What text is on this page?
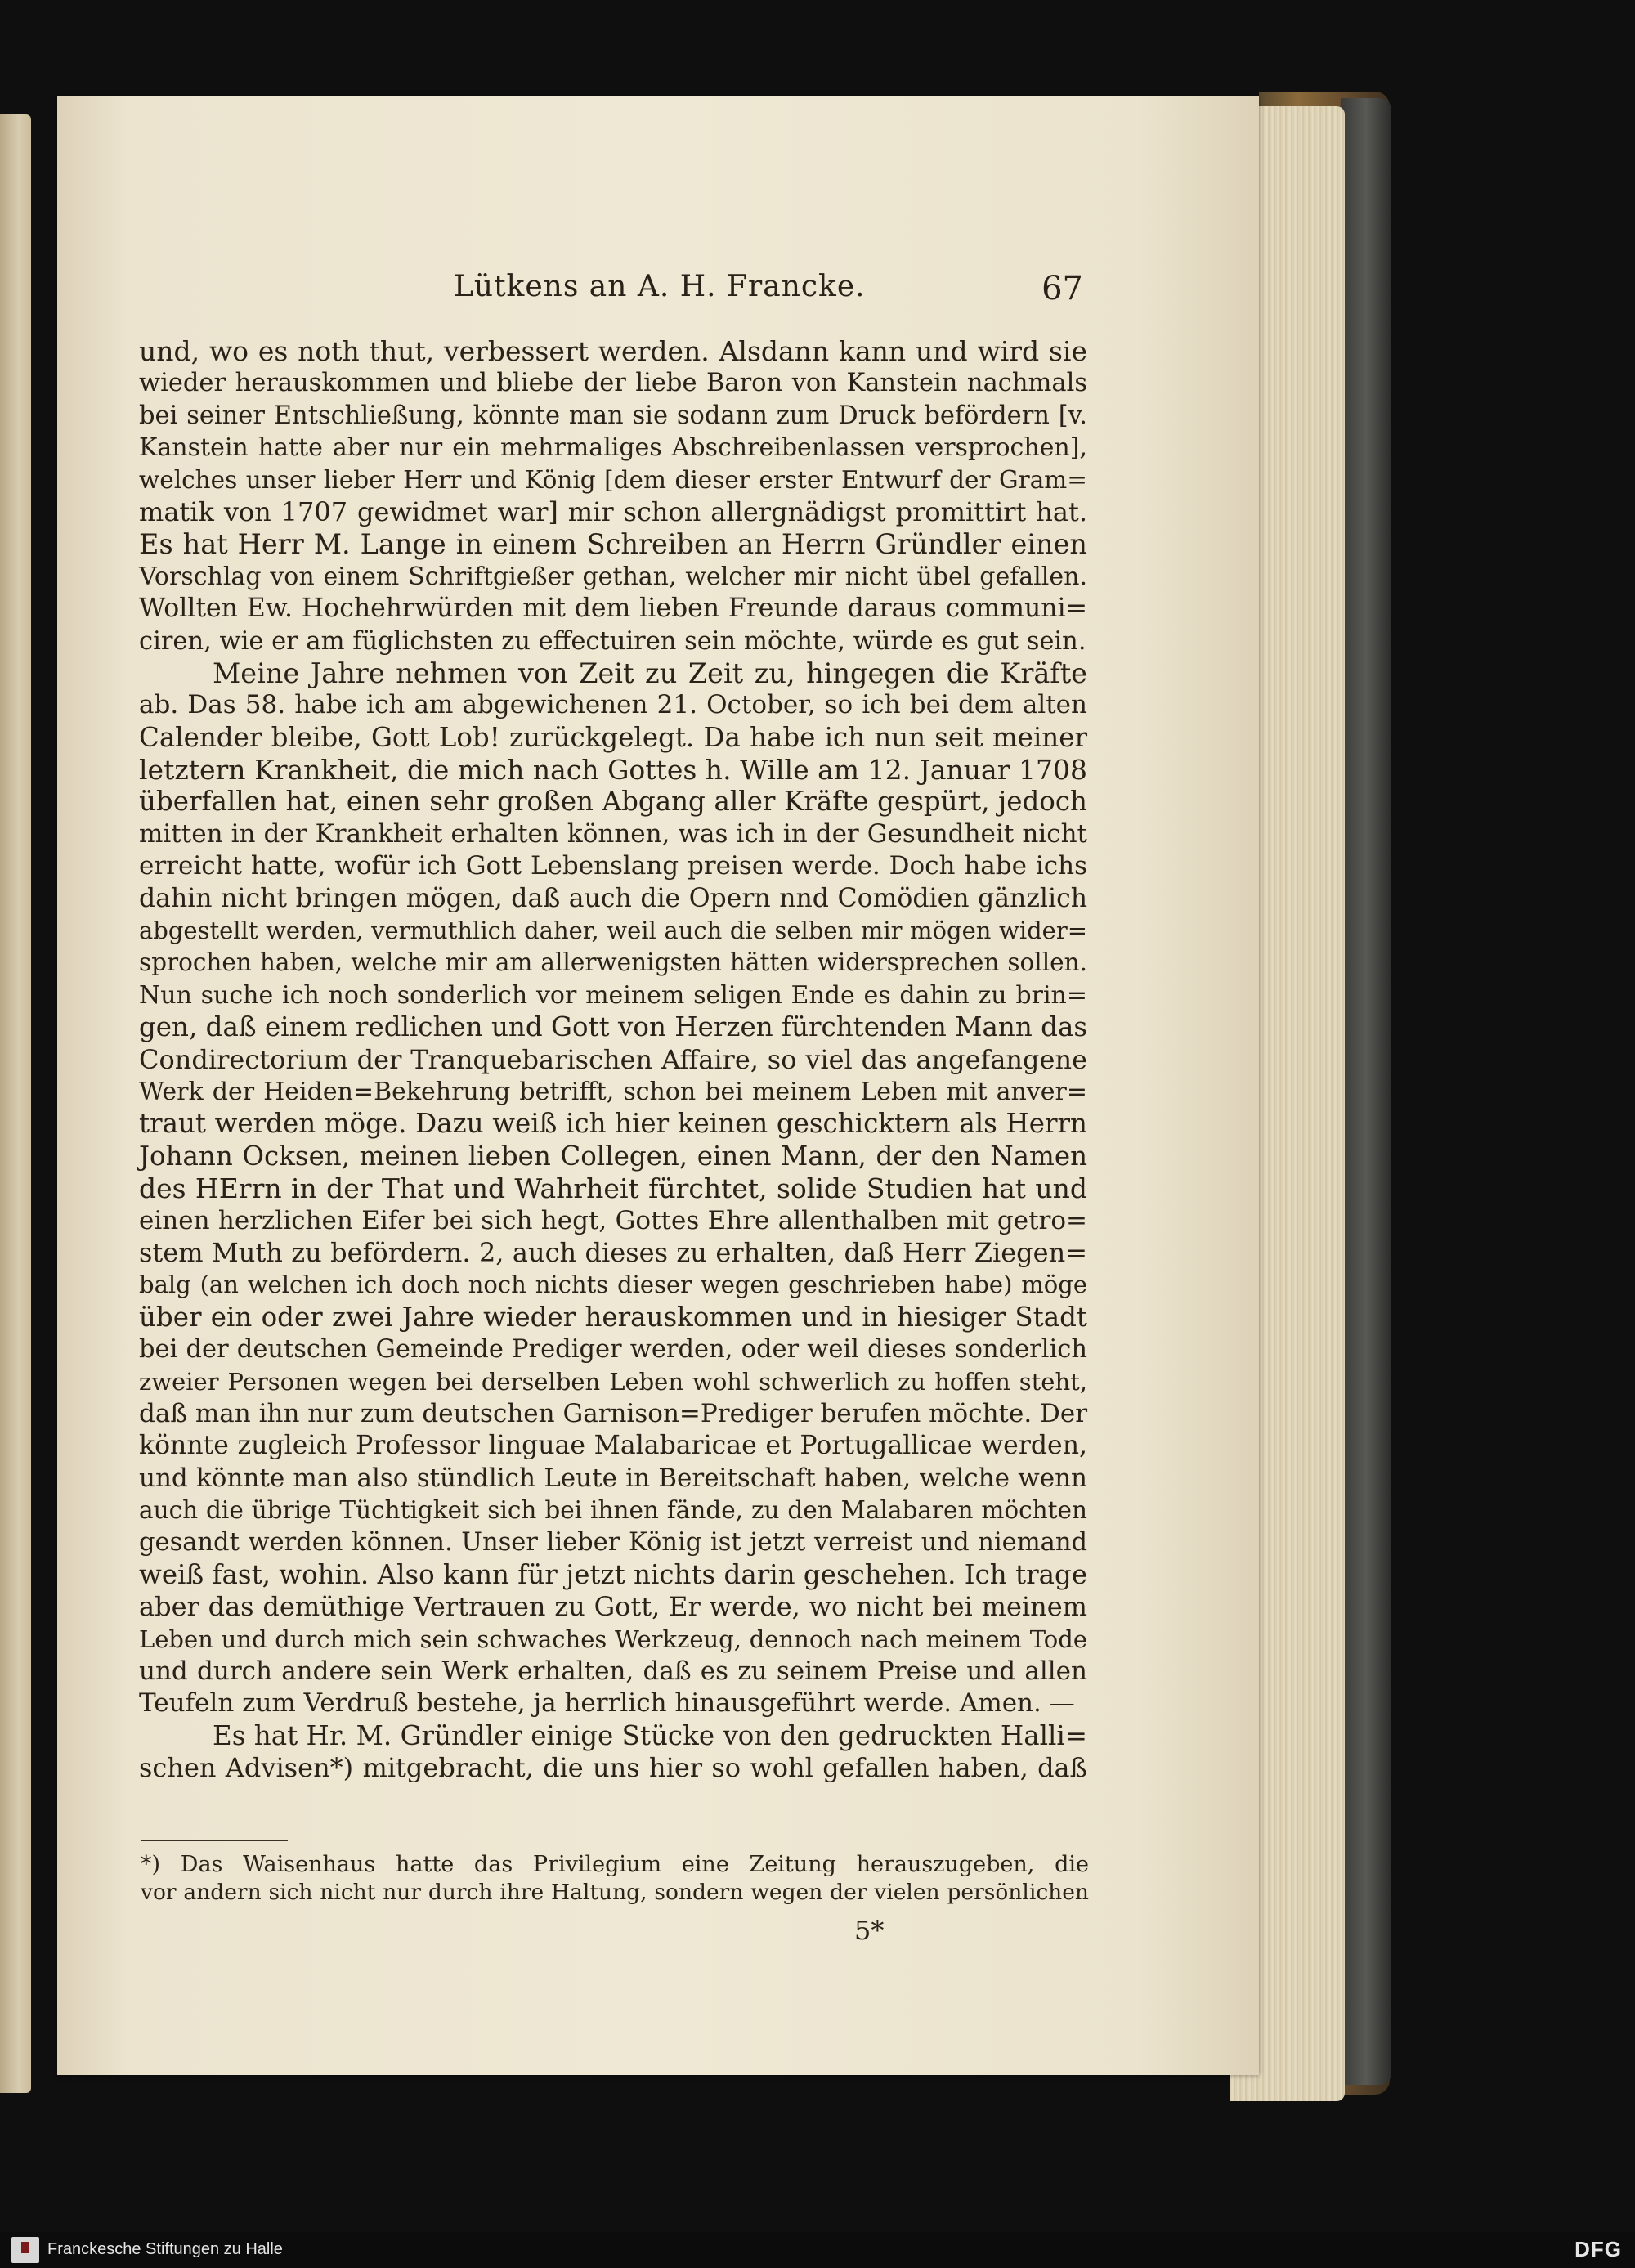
Lütkens an A. H. Francke.	67
und, wo es noth thut, verbessert werden. Alsdann kann und wird sie
wieder herauskommen und bliebe der liebe Baron von Kanstein nachmals
bei seiner Entschließung, könnte man sie sodann zum Druck befördern [v.
Kanstein hatte aber nur ein mehrmaliges Abschreibenlassen versprochen],
welches unser lieber Herr und König [dem dieser erster Entwurf der Gram=
matik von 1707 gewidmet war] mir schon allergnädigst promittirt hat.
Es hat Herr M. Lange in einem Schreiben an Herrn Gründler einen
Vorschlag von einem Schriftgießer gethan, welcher mir nicht übel gefallen.
Wollten Ew. Hochehrwürden mit dem lieben Freunde daraus communi=
ciren, wie er am füglichsten zu effectuiren sein möchte, würde es gut sein.
Meine Jahre nehmen von Zeit zu Zeit zu, hingegen die Kräfte
ab. Das 58. habe ich am abgewichenen 21. October, so ich bei dem alten
Calender bleibe, Gott Lob! zurückgelegt. Da habe ich nun seit meiner
letztern Krankheit, die mich nach Gottes h. Wille am 12. Januar 1708
überfallen hat, einen sehr großen Abgang aller Kräfte gespürt, jedoch
mitten in der Krankheit erhalten können, was ich in der Gesundheit nicht
erreicht hatte, wofür ich Gott Lebenslang preisen werde. Doch habe ichs
dahin nicht bringen mögen, daß auch die Opern nnd Comödien gänzlich
abgestellt werden, vermuthlich daher, weil auch die selben mir mögen wider=
sprochen haben, welche mir am allerwenigsten hätten widersprechen sollen.
Nun suche ich noch sonderlich vor meinem seligen Ende es dahin zu brin=
gen, daß einem redlichen und Gott von Herzen fürchtenden Mann das
Condirectorium der Tranquebarischen Affaire, so viel das angefangene
Werk der Heiden=Bekehrung betrifft, schon bei meinem Leben mit anver=
traut werden möge. Dazu weiß ich hier keinen geschicktern als Herrn
Johann Ocksen, meinen lieben Collegen, einen Mann, der den Namen
des HErrn in der That und Wahrheit fürchtet, solide Studien hat und
einen herzlichen Eifer bei sich hegt, Gottes Ehre allenthalben mit getro=
stem Muth zu befördern. 2, auch dieses zu erhalten, daß Herr Ziegen=
balg (an welchen ich doch noch nichts dieser wegen geschrieben habe) möge
über ein oder zwei Jahre wieder herauskommen und in hiesiger Stadt
bei der deutschen Gemeinde Prediger werden, oder weil dieses sonderlich
zweier Personen wegen bei derselben Leben wohl schwerlich zu hoffen steht,
daß man ihn nur zum deutschen Garnison=Prediger berufen möchte. Der
könnte zugleich Professor linguae Malabaricae et Portugallicae werden,
und könnte man also stündlich Leute in Bereitschaft haben, welche wenn
auch die übrige Tüchtigkeit sich bei ihnen fände, zu den Malabaren möchten
gesandt werden können. Unser lieber König ist jetzt verreist und niemand
weiß fast, wohin. Also kann für jetzt nichts darin geschehen. Ich trage
aber das demüthige Vertrauen zu Gott, Er werde, wo nicht bei meinem
Leben und durch mich sein schwaches Werkzeug, dennoch nach meinem Tode
und durch andere sein Werk erhalten, daß es zu seinem Preise und allen
Teufeln zum Verdruß bestehe, ja herrlich hinausgeführt werde. Amen. —
Es hat Hr. M. Gründler einige Stücke von den gedruckten Halli=
schen Advisen*) mitgebracht, die uns hier so wohl gefallen haben, daß
*) Das Waisenhaus hatte das Privilegium eine Zeitung herauszugeben, die
vor andern sich nicht nur durch ihre Haltung, sondern wegen der vielen persönlichen
5*
Franckesche Stiftungen zu Halle	DFG
